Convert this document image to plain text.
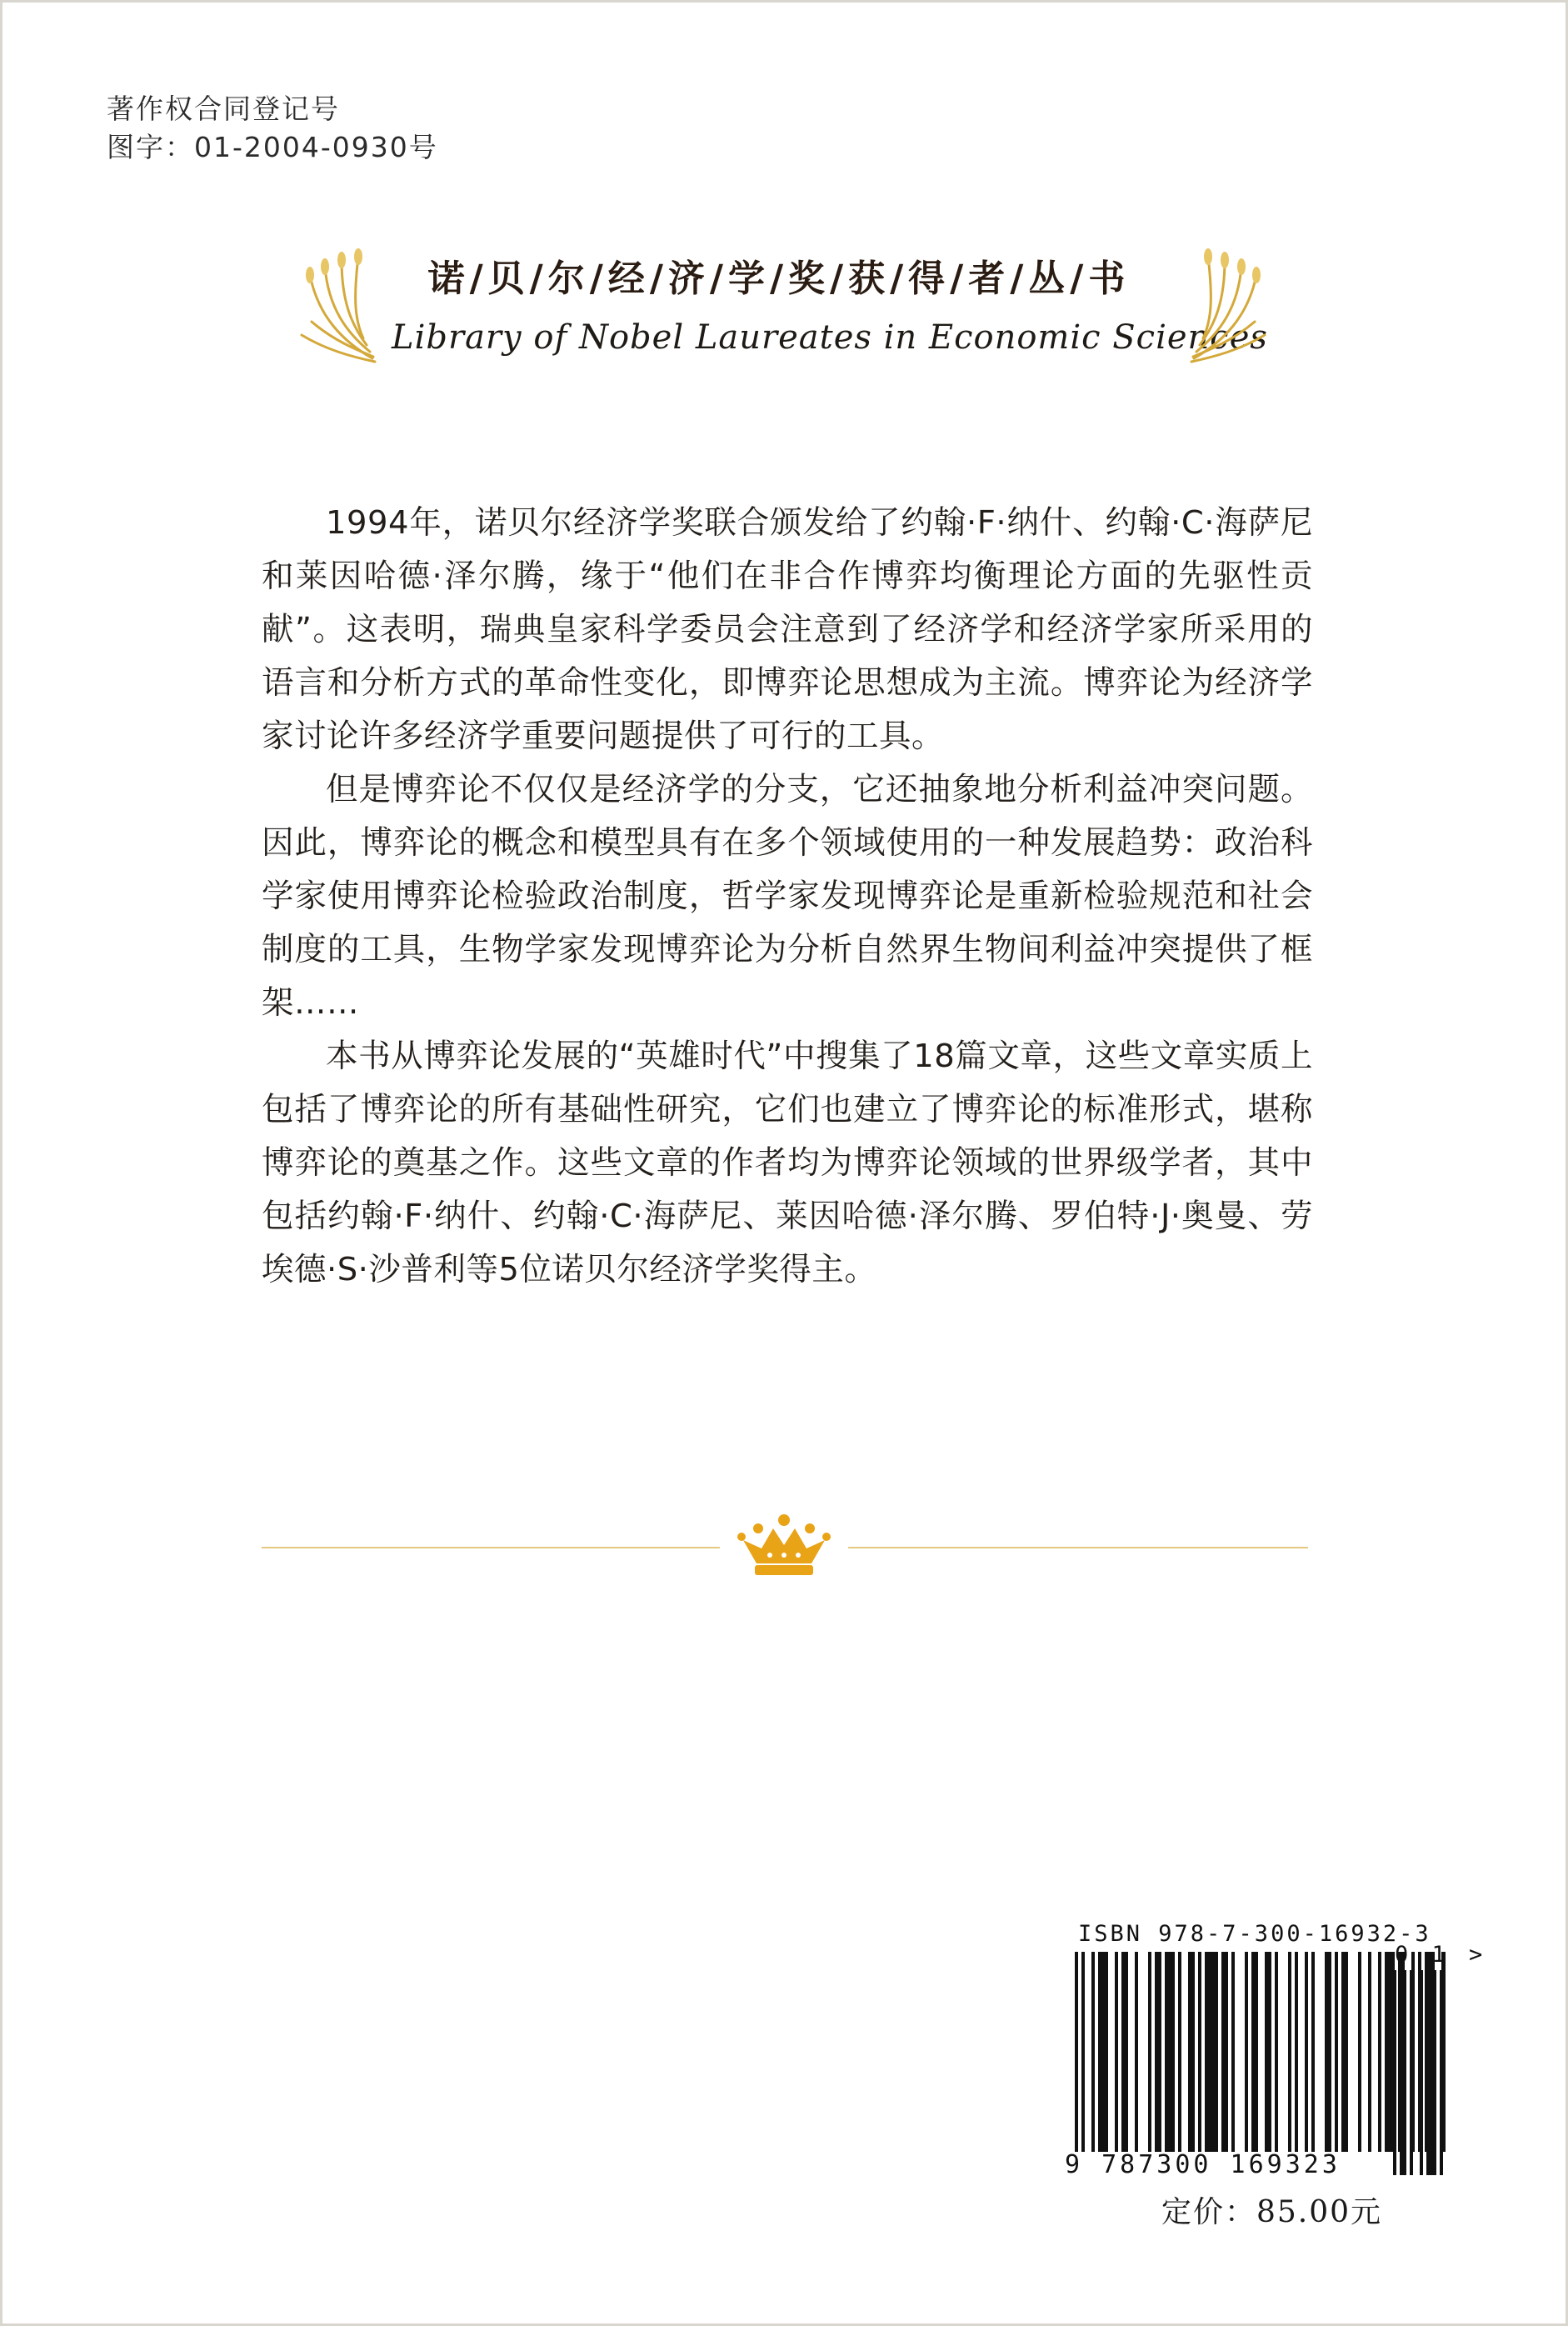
著作权合同登记号
图字：01-2004-0930号
诺/贝/尔/经/济/学/奖/获/得/者/丛/书
Library of Nobel Laureates in Economic Sciences

1994年，诺贝尔经济学奖联合颁发给了约翰·F·纳什、约翰·C·海萨尼和莱因哈德·泽尔腾，缘于“他们在非合作博弈均衡理论方面的先驱性贡献”。这表明，瑞典皇家科学委员会注意到了经济学和经济学家所采用的语言和分析方式的革命性变化，即博弈论思想成为主流。博弈论为经济学家讨论许多经济学重要问题提供了可行的工具。

但是博弈论不仅仅是经济学的分支，它还抽象地分析利益冲突问题。因此，博弈论的概念和模型具有在多个领域使用的一种发展趋势：政治科学家使用博弈论检验政治制度，哲学家发现博弈论是重新检验规范和社会制度的工具，生物学家发现博弈论为分析自然界生物间利益冲突提供了框架……

本书从博弈论发展的“英雄时代”中搜集了18篇文章，这些文章实质上包括了博弈论的所有基础性研究，它们也建立了博弈论的标准形式，堪称博弈论的奠基之作。这些文章的作者均为博弈论领域的世界级学者，其中包括约翰·F·纳什、约翰·C·海萨尼、莱因哈德·泽尔腾、罗伯特·J·奥曼、劳埃德·S·沙普利等5位诺贝尔经济学奖得主。

ISBN 978-7-300-16932-3
9 787300 169323
0 1 >
定价：85.00元
